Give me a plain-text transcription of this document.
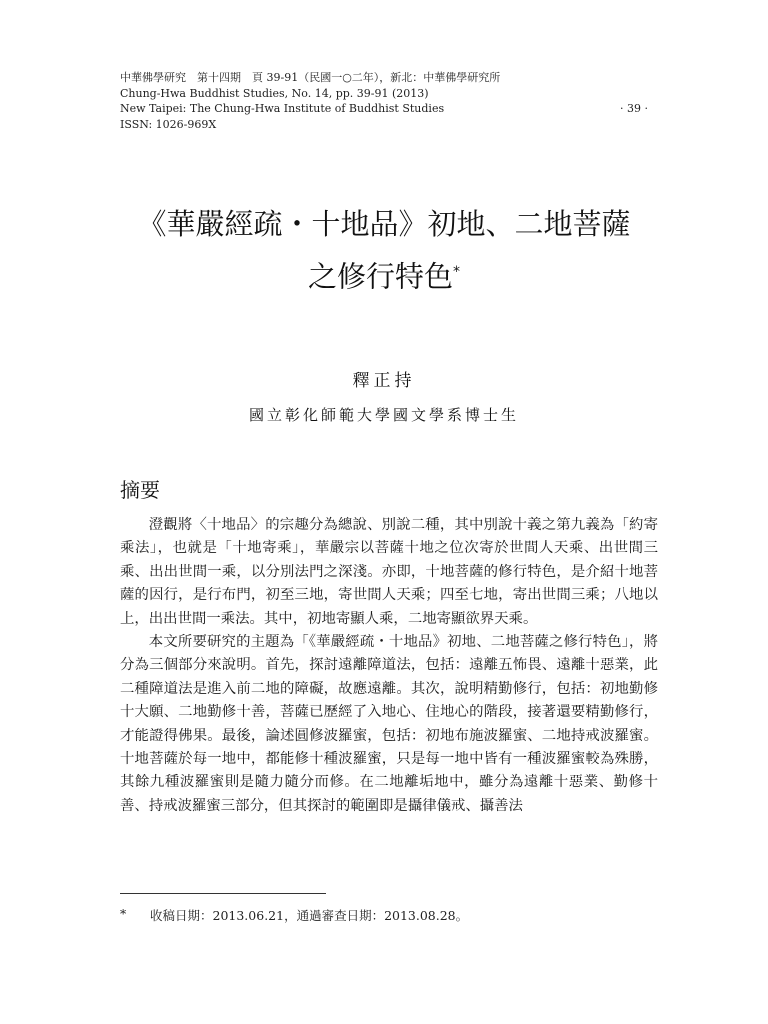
中華佛學研究　第十四期　頁 39-91（民國一○二年），新北：中華佛學研究所
Chung-Hwa Buddhist Studies, No. 14, pp. 39-91 (2013)
New Taipei: The Chung-Hwa Institute of Buddhist Studies	· 39 ·
ISSN: 1026-969X
《華嚴經疏・十地品》初地、二地菩薩
之修行特色*
釋正持
國立彰化師範大學國文學系博士生
摘要

澄觀將〈十地品〉的宗趣分為總說、別說二種，其中別說十義之第九義為「約寄乘法」，也就是「十地寄乘」，華嚴宗以菩薩十地之位次寄於世間人天乘、出世間三乘、出出世間一乘，以分別法門之深淺。亦即，十地菩薩的修行特色，是介紹十地菩薩的因行，是行布門，初至三地，寄世間人天乘；四至七地，寄出世間三乘；八地以上，出出世間一乘法。其中，初地寄顯人乘，二地寄顯欲界天乘。

本文所要研究的主題為「《華嚴經疏・十地品》初地、二地菩薩之修行特色」，將分為三個部分來說明。首先，探討遠離障道法，包括：遠離五怖畏、遠離十惡業，此二種障道法是進入前二地的障礙，故應遠離。其次，說明精勤修行，包括：初地勤修十大願、二地勤修十善，菩薩已歷經了入地心、住地心的階段，接著還要精勤修行，才能證得佛果。最後，論述圓修波羅蜜，包括：初地布施波羅蜜、二地持戒波羅蜜。十地菩薩於每一地中，都能修十種波羅蜜，只是每一地中皆有一種波羅蜜較為殊勝，其餘九種波羅蜜則是隨力隨分而修。在二地離垢地中，雖分為遠離十惡業、勤修十善、持戒波羅蜜三部分，但其探討的範圍即是攝律儀戒、攝善法

* 收稿日期：2013.06.21，通過審查日期：2013.08.28。
